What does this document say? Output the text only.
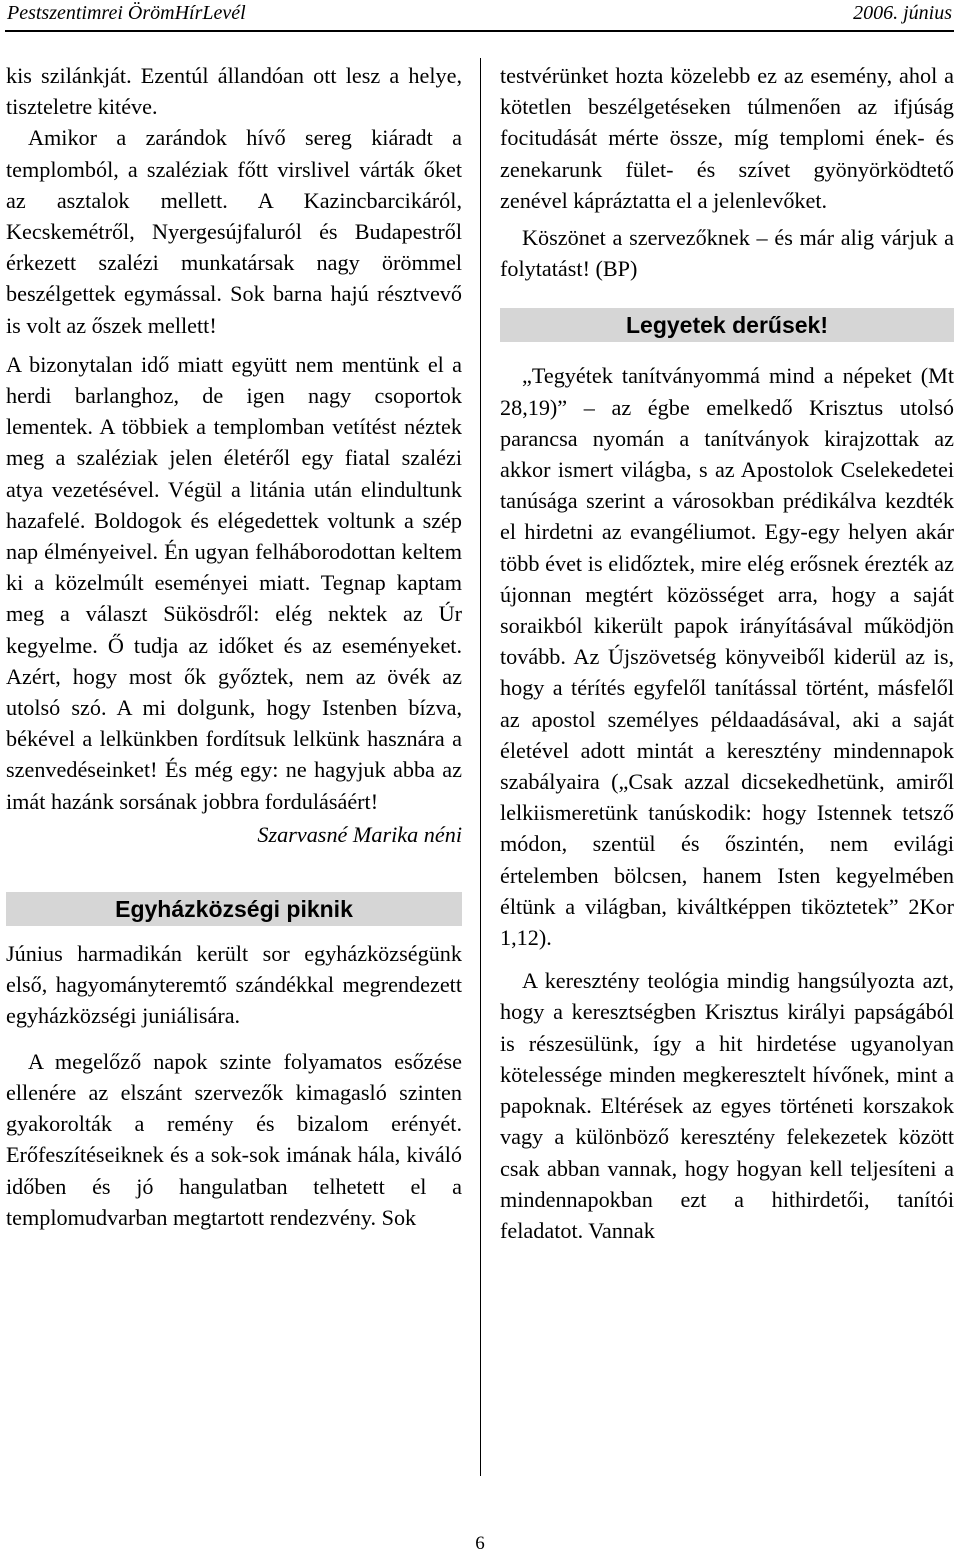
Pestszentimrei ÖrömHírLevél	2006. június

kis szilánkját. Ezentúl állandóan ott lesz a helye, tiszteletre kitéve.

Amikor a zarándok hívő sereg kiáradt a templomból, a szaléziak főtt virslivel várták őket az asztalok mellett. A Kazincbarcikáról, Kecskemétről, Nyergesújfaluról és Budapestről érkezett szalézi munkatársak nagy örömmel beszélgettek egymással. Sok barna hajú résztvevő is volt az őszek mellett!

A bizonytalan idő miatt együtt nem mentünk el a herdi barlanghoz, de igen nagy csoportok lementek. A többiek a templomban vetítést néztek meg a szaléziak jelen életéről egy fiatal szalézi atya vezetésével. Végül a litánia után elindultunk hazafelé. Boldogok és elégedettek voltunk a szép nap élményeivel. Én ugyan felháborodottan keltem ki a közelmúlt eseményei miatt. Tegnap kaptam meg a választ Sükösdről: elég nektek az Úr kegyelme. Ő tudja az időket és az eseményeket. Azért, hogy most ők győztek, nem az övék az utolsó szó. A mi dolgunk, hogy Istenben bízva, békével a lelkünkben fordítsuk lelkünk hasznára a szenvedéseinket! És még egy: ne hagyjuk abba az imát hazánk sorsának jobbra fordulásáért!

Szarvasné Marika néni

Egyházközségi piknik

Június harmadikán került sor egyházközségünk első, hagyományteremtő szándékkal megrendezett egyházközségi juniálisára.

A megelőző napok szinte folyamatos esőzése ellenére az elszánt szervezők kimagasló szinten gyakorolták a remény és bizalom erényét. Erőfeszítéseiknek és a sok-sok imának hála, kiváló időben és jó hangulatban telhetett el a templomudvarban megtartott rendezvény. Sok

testvérünket hozta közelebb ez az esemény, ahol a kötetlen beszélgetéseken túlmenően az ifjúság focitudását mérte össze, míg templomi ének- és zenekarunk fület- és szívet gyönyörködtető zenével kápráztatta el a jelenlevőket.

Köszönet a szervezőknek – és már alig várjuk a folytatást! (BP)

Legyetek derűsek!

„Tegyétek tanítványommá mind a népeket (Mt 28,19)” – az égbe emelkedő Krisztus utolsó parancsa nyomán a tanítványok kirajzottak az akkor ismert világba, s az Apostolok Cselekedetei tanúsága szerint a városokban prédikálva kezdték el hirdetni az evangéliumot. Egy-egy helyen akár több évet is elidőztek, mire elég erősnek érezték az újonnan megtért közösséget arra, hogy a saját soraikból kikerült papok irányításával működjön tovább. Az Újszövetség könyveiből kiderül az is, hogy a térítés egyfelől tanítással történt, másfelől az apostol személyes példaadásával, aki a saját életével adott mintát a keresztény mindennapok szabályaira („Csak azzal dicsekedhetünk, amiről lelkiismeretünk tanúskodik: hogy Istennek tetsző módon, szentül és őszintén, nem evilági értelemben bölcsen, hanem Isten kegyelmében éltünk a világban, kiváltképpen tiköztetek” 2Kor 1,12).

A keresztény teológia mindig hangsúlyozta azt, hogy a keresztségben Krisztus királyi papságából is részesülünk, így a hit hirdetése ugyanolyan kötelessége minden megkeresztelt hívőnek, mint a papoknak. Eltérések az egyes történeti korszakok vagy a különböző keresztény felekezetek között csak abban vannak, hogy hogyan kell teljesíteni a mindennapokban ezt a hithirdetői, tanítói feladatot. Vannak

6
